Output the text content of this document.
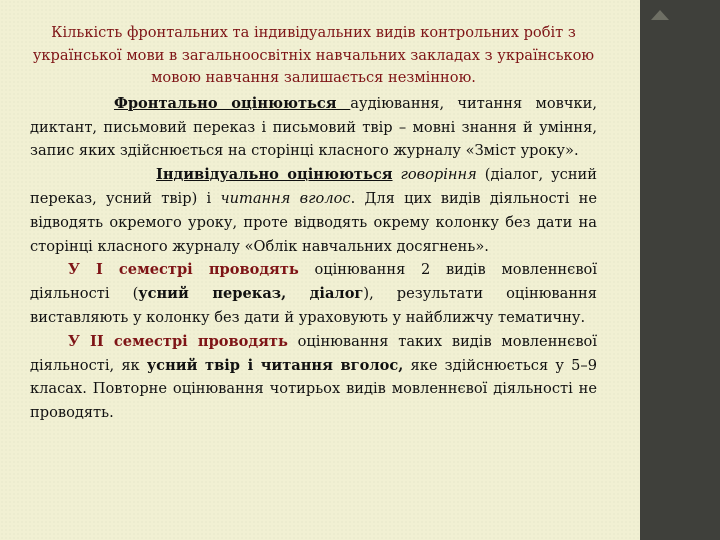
Кількість фронтальних та індивідуальних видів контрольних робіт з української мови в загальноосвітніх навчальних закладах з українською мовою навчання залишається незмінною.

Фронтально оцінюються аудіювання, читання мовчки, диктант, письмовий переказ і письмовий твір – мовні знання й уміння, запис яких здійснюється на сторінці класного журналу «Зміст уроку».

Індивідуально оцінюються говоріння (діалог, усний переказ, усний твір) і читання вголос. Для цих видів діяльності не відводять окремого уроку, проте відводять окрему колонку без дати на сторінці класного журналу «Облік навчальних досягнень».

У І семестрі проводять оцінювання 2 видів мовленнєвої діяльності (усний переказ, діалог), результати оцінювання виставляють у колонку без дати й ураховують у найближчу тематичну.

У ІІ семестрі проводять оцінювання таких видів мовленнєвої діяльності, як усний твір і читання вголос, яке здійснюється у 5–9 класах. Повторне оцінювання чотирьох видів мовленнєвої діяльності не проводять.
